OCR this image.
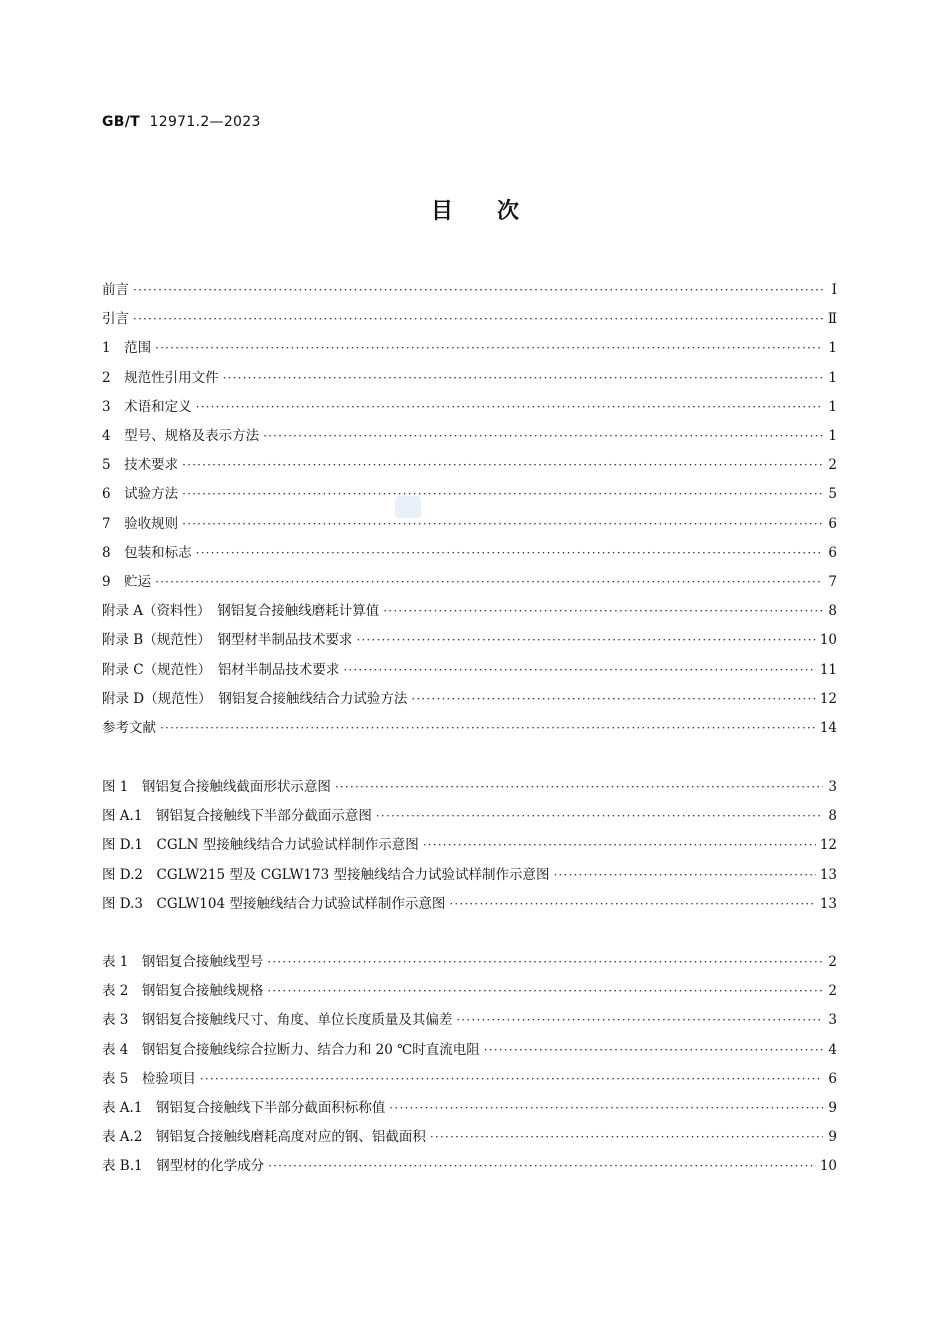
GB/T 12971.2—2023
目次
前言 ·····	Ⅰ
引言 ·····	Ⅱ
1　范围 ·····	1
2　规范性引用文件 ·····	1
3　术语和定义 ·····	1
4　型号、规格及表示方法 ·····	1
5　技术要求 ·····	2
6　试验方法 ·····	5
7　验收规则 ·····	6
8　包装和标志 ·····	6
9　贮运 ·····	7
附录 A（资料性）　钢铝复合接触线磨耗计算值 ·····	8
附录 B（规范性）　钢型材半制品技术要求 ·····	10
附录 C（规范性）　铝材半制品技术要求 ·····	11
附录 D（规范性）　钢铝复合接触线结合力试验方法 ·····	12
参考文献 ·····	14
图 1　钢铝复合接触线截面形状示意图 ·····	3
图 A.1　钢铝复合接触线下半部分截面示意图 ·····	8
图 D.1　CGLN 型接触线结合力试验试样制作示意图 ·····	12
图 D.2　CGLW215 型及 CGLW173 型接触线结合力试验试样制作示意图 ·····	13
图 D.3　CGLW104 型接触线结合力试验试样制作示意图 ·····	13
表 1　钢铝复合接触线型号 ·····	2
表 2　钢铝复合接触线规格 ·····	2
表 3　钢铝复合接触线尺寸、角度、单位长度质量及其偏差 ·····	3
表 4　钢铝复合接触线综合拉断力、结合力和 20 ℃时直流电阻 ·····	4
表 5　检验项目 ·····	6
表 A.1　钢铝复合接触线下半部分截面积标称值 ·····	9
表 A.2　钢铝复合接触线磨耗高度对应的钢、铝截面积 ·····	9
表 B.1　钢型材的化学成分 ·····	10
